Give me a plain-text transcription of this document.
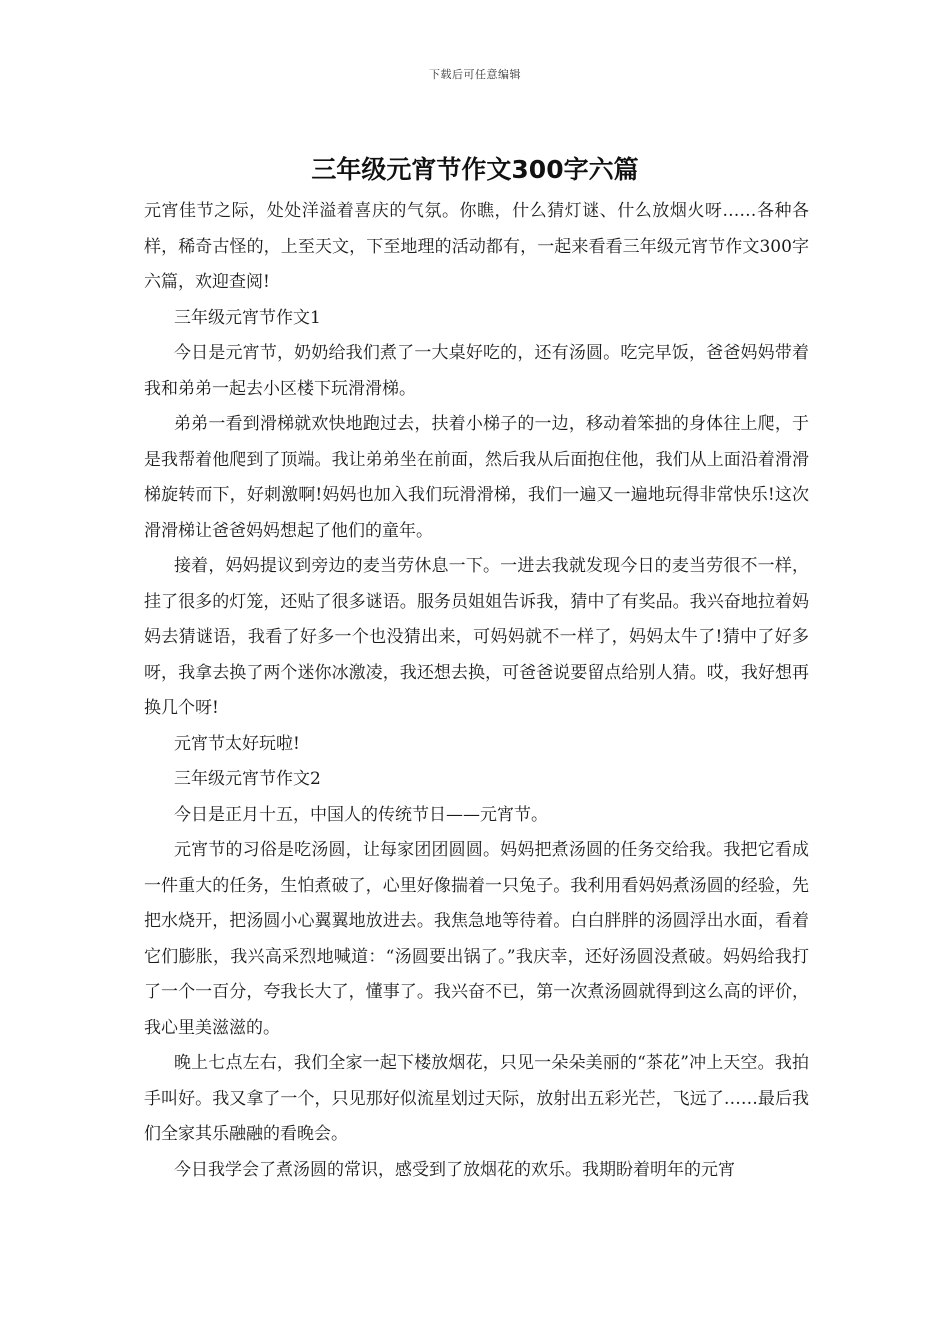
下载后可任意编辑
三年级元宵节作文300字六篇

元宵佳节之际，处处洋溢着喜庆的气氛。你瞧，什么猜灯谜、什么放烟火呀……各种各样，稀奇古怪的，上至天文，下至地理的活动都有，一起来看看三年级元宵节作文300字六篇，欢迎查阅!

三年级元宵节作文1

今日是元宵节，奶奶给我们煮了一大桌好吃的，还有汤圆。吃完早饭，爸爸妈妈带着我和弟弟一起去小区楼下玩滑滑梯。

弟弟一看到滑梯就欢快地跑过去，扶着小梯子的一边，移动着笨拙的身体往上爬，于是我帮着他爬到了顶端。我让弟弟坐在前面，然后我从后面抱住他，我们从上面沿着滑滑梯旋转而下，好刺激啊!妈妈也加入我们玩滑滑梯，我们一遍又一遍地玩得非常快乐!这次滑滑梯让爸爸妈妈想起了他们的童年。

接着，妈妈提议到旁边的麦当劳休息一下。一进去我就发现今日的麦当劳很不一样，挂了很多的灯笼，还贴了很多谜语。服务员姐姐告诉我，猜中了有奖品。我兴奋地拉着妈妈去猜谜语，我看了好多一个也没猜出来，可妈妈就不一样了，妈妈太牛了!猜中了好多呀，我拿去换了两个迷你冰激凌，我还想去换，可爸爸说要留点给别人猜。哎，我好想再换几个呀!

元宵节太好玩啦!

三年级元宵节作文2

今日是正月十五，中国人的传统节日——元宵节。

元宵节的习俗是吃汤圆，让每家团团圆圆。妈妈把煮汤圆的任务交给我。我把它看成一件重大的任务，生怕煮破了，心里好像揣着一只兔子。我利用看妈妈煮汤圆的经验，先把水烧开，把汤圆小心翼翼地放进去。我焦急地等待着。白白胖胖的汤圆浮出水面，看着它们膨胀，我兴高采烈地喊道：“汤圆要出锅了。”我庆幸，还好汤圆没煮破。妈妈给我打了一个一百分，夸我长大了，懂事了。我兴奋不已，第一次煮汤圆就得到这么高的评价，我心里美滋滋的。

晚上七点左右，我们全家一起下楼放烟花，只见一朵朵美丽的“茶花”冲上天空。我拍手叫好。我又拿了一个，只见那好似流星划过天际，放射出五彩光芒，飞远了……最后我们全家其乐融融的看晚会。

今日我学会了煮汤圆的常识，感受到了放烟花的欢乐。我期盼着明年的元宵
